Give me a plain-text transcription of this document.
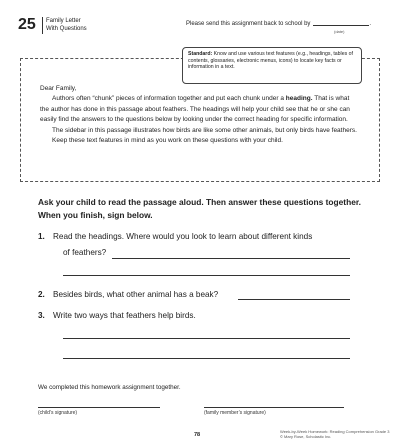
25 Family Letter
With Questions
Please send this assignment back to school by	.
(date)
Standard: Know and use various text features (e.g., headings, tables of contents, glossaries, electronic menus, icons) to locate key facts or information in a text.

Dear Family,

Authors often “chunk” pieces of information together and put each chunk under a heading. That is what the author has done in this passage about feathers. The headings will help your child see that he or she can easily find the answers to the questions below by looking under the correct heading for specific information.

The sidebar in this passage illustrates how birds are like some other animals, but only birds have feathers.

Keep these text features in mind as you work on these questions with your child.

Ask your child to read the passage aloud. Then answer these questions together. When you finish, sign below.
1. Read the headings. Where would you look to learn about different kinds
of feathers?
2. Besides birds, what other animal has a beak?
3. Write two ways that feathers help birds.
We completed this homework assignment together.
(child’s signature)	(family member’s signature)
78
Week-by-Week Homework: Reading Comprehension Grade 3
© Mary Rose, Scholastic Inc.
